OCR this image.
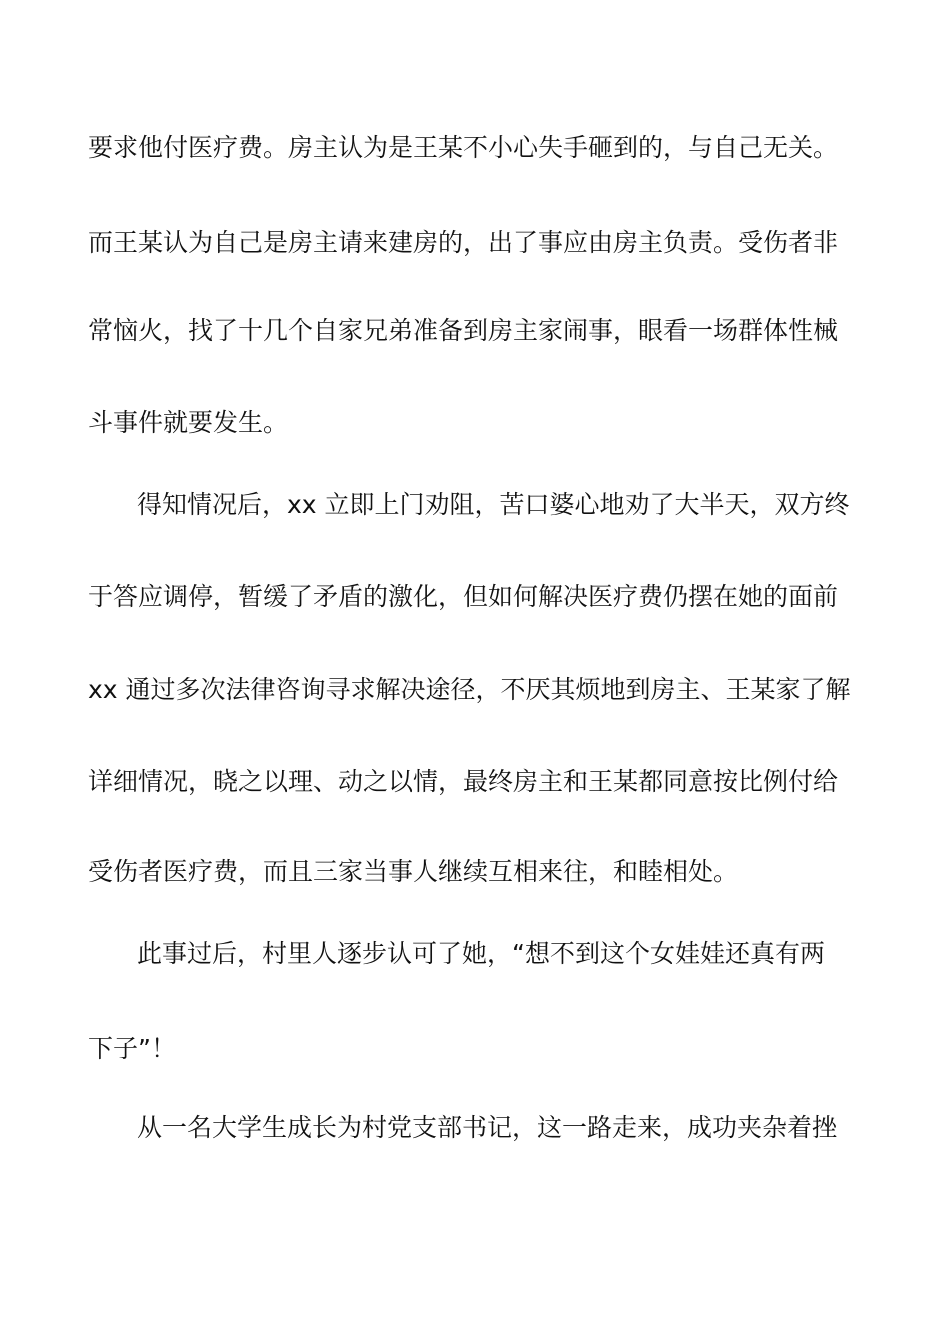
要求他付医疗费。房主认为是王某不小心失手砸到的，与自己无关。
而王某认为自己是房主请来建房的，出了事应由房主负责。受伤者非
常恼火，找了十几个自家兄弟准备到房主家闹事，眼看一场群体性械
斗事件就要发生。
得知情况后，xx 立即上门劝阻，苦口婆心地劝了大半天，双方终
于答应调停，暂缓了矛盾的激化，但如何解决医疗费仍摆在她的面前
xx 通过多次法律咨询寻求解决途径，不厌其烦地到房主、王某家了解
详细情况，晓之以理、动之以情，最终房主和王某都同意按比例付给
受伤者医疗费，而且三家当事人继续互相来往，和睦相处。
此事过后，村里人逐步认可了她，“想不到这个女娃娃还真有两
下子”！
从一名大学生成长为村党支部书记，这一路走来，成功夹杂着挫
